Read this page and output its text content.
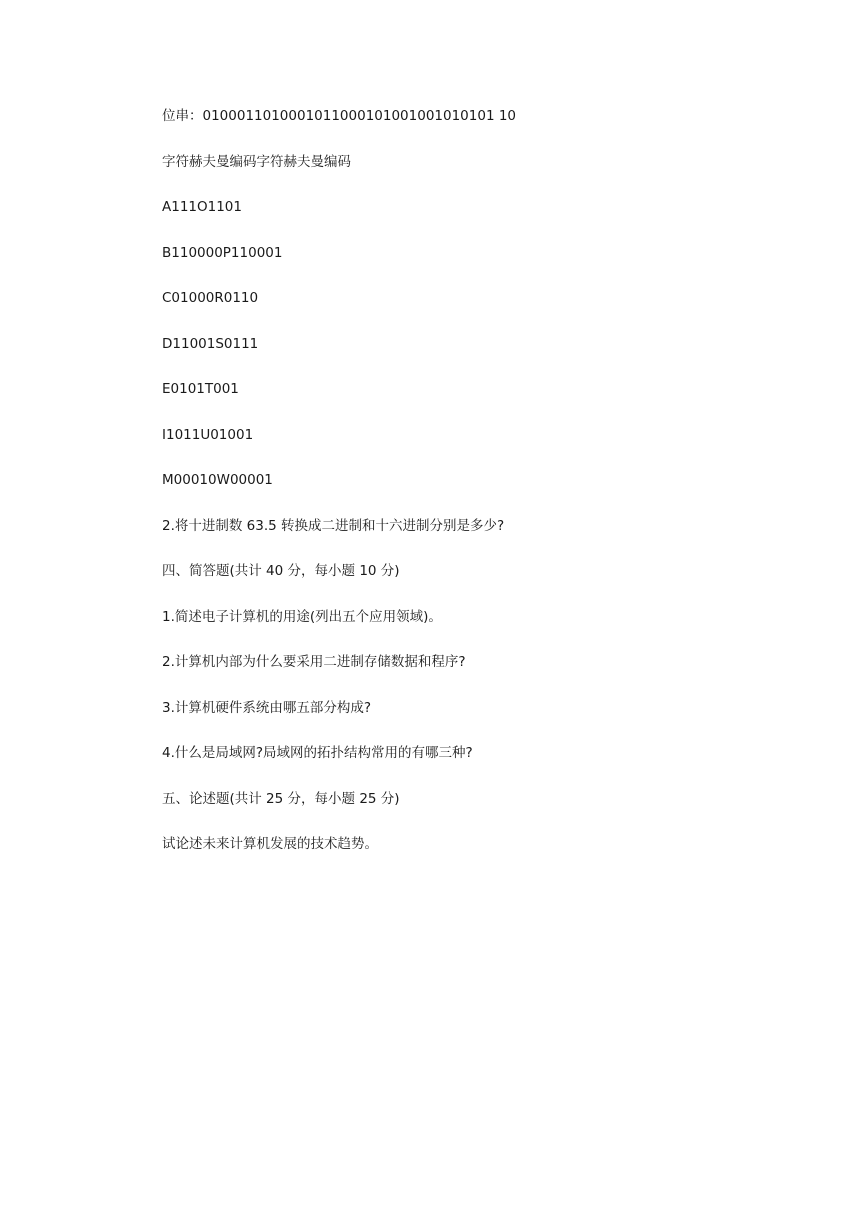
位串：0100011010001011000101001001010101 10

字符赫夫曼编码字符赫夫曼编码

A111O1101

B110000P110001

C01000R0110

D11001S0111

E0101T001

I1011U01001

M00010W00001

2.将十进制数 63.5 转换成二进制和十六进制分别是多少?

四、简答题(共计 40 分，每小题 10 分)

1.简述电子计算机的用途(列出五个应用领域)。

2.计算机内部为什么要采用二进制存储数据和程序?

3.计算机硬件系统由哪五部分构成?

4.什么是局域网?局域网的拓扑结构常用的有哪三种?

五、论述题(共计 25 分，每小题 25 分)

试论述未来计算机发展的技术趋势。
